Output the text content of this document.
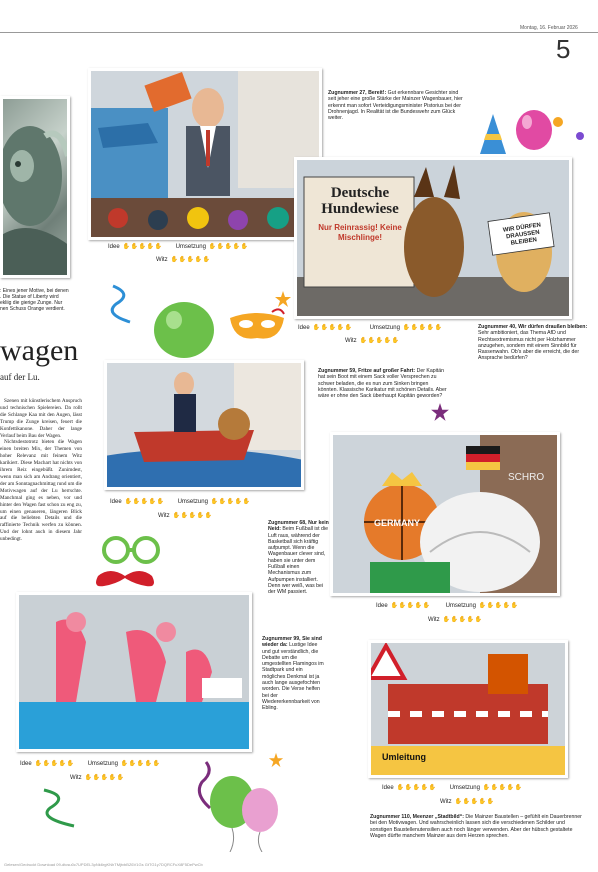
Montag, 16. Februar 2026
5
: Eines jener Motive, bei denen
. Die Statue of Liberty wird
ekliig die gierige Zunge. Nur
nen Schuss Orange verdient.
Idee ✋✋✋✋✋ Umsetzung ✋✋✋✋✋
Witz ✋✋✋✋✋
Zugnummer 27, Bereit!: Gut erkennbare Gesichter sind seit jeher eine große Stärke der Mainzer Wagenbauer, hier erkennt man sofort Verteidigungsminister Pistorius bei der Drohnenjagd. In Realität ist die Bundeswehr zum Glück weiter.
Deutsche Hundewiese
Nur Reinrassig! Keine Mischlinge!
WIR DÜRFEN DRAUSSEN BLEIBEN
Idee ✋✋✋✋✋	Umsetzung ✋✋✋✋✋
Witz ✋✋✋✋✋
Zugnummer 40, Wir dürfen draußen bleiben: Sehr ambitioniert, das Thema AfD und Rechtsextremismus nicht per Holzhammer anzugehen, sondern mit einem Sinnbild für Rassenwahn. Ob's aber die erreicht, die der Ansprache bedürfen?
wagen
auf der Lu.

Szenen mit künstlerischem Anspruch und technischen Spielereien. Da rollt die Schlange Kaa mit den Augen, lässt Trump die Zunge kreisen, feuert die Konfettikanone. Daher der lange Verlauf beim Bau der Wagen.

Nichtsdestotrotz bieten die Wagen einen breiten Mix, der Themen von hoher Relevanz mit feinem Witz karikiert. Diese Machart hat nichts von ihrem Reiz eingebüßt. Zunimdest, wenn man sich am Andrang orientiert, der am Sonntagnachmittag rund um die Motivwagen auf der Lu herrschte. Manchmal ging es neben, vor und hinter den Wagen fast schon zu eng zu, um einen genaueren, längeren Blick auf die beliebten Details und die raffinierte Technik werfen zu können. Und der lohnt auch in diesem Jahr unbedingt.

Idee ✋✋✋✋✋ Umsetzung ✋✋✋✋✋
Witz ✋✋✋✋✋
Zugnummer 59, Fritze auf großer Fahrt: Der Kapitän hat sein Boot mit einem Sack voller Versprechen zu schwer beladen, die es nun zum Sinken bringen könnten. Klassische Karikatur mit schönen Details. Aber wäre er ohne den Sack überhaupt Kapitän geworden?
GERMANY
SCHRO
Zugnummer 68, Nur kein Neid: Beim Fußball ist die Luft raus, während der Basketball sich kräftig aufpumpt. Wenn die Wagenbauer clever sind, haben sie unter dem Fußball einen Mechanismus zum Aufpumpen installiert. Denn wer weiß, was bei der WM passiert.
Idee ✋✋✋✋✋	Umsetzung ✋✋✋✋✋
Witz ✋✋✋✋✋
Idee ✋✋✋✋✋ Umsetzung ✋✋✋✋✋
Witz ✋✋✋✋✋
Zugnummer 99, Sie sind wieder da: Lustige Idee und gut verständlich, die Debatte um die umgestellten Flamingos im Stadtpark und ein mögliches Denkmal ist ja auch lange ausgefochten worden. Die Verse helfen bei der Wiedererkennbarkeit von Ebling.
Umleitung
Idee ✋✋✋✋✋ Umsetzung ✋✋✋✋✋
Witz ✋✋✋✋✋
Zugnummer 110, Meenzer „Stadtbild“: Die Mainzer Baustellen – gefühlt ein Dauerbrenner bei den Motivwagen. Und wahrscheinlich lassen sich die verschiedenen Schilder und sonstigen Baustellenutensilien auch noch länger verwenden. Aber der hübsch gestaltete Wagen dürfte manchem Mainzer aus dem Herzen sprechen.
Gelesen/Gedruckt Download 09-dtcsu0c7UPDEL3pNk6rgKNhTMjtvbBZ6V1Gs GtTG1y7DQRCFuX8F5DePwCb
